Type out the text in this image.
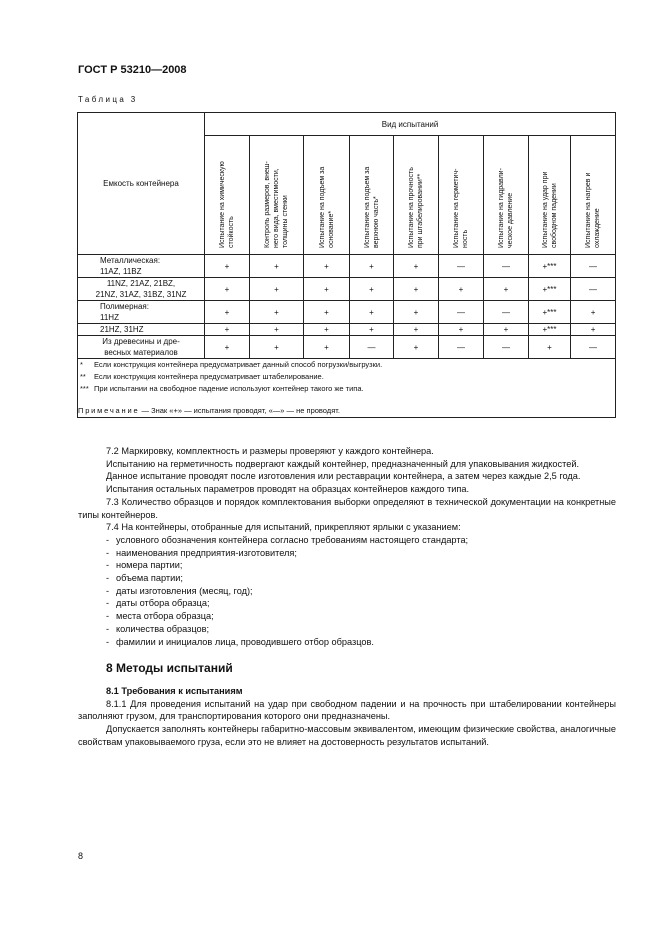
ГОСТ Р 53210—2008
Таблица 3
Емкость контейнера	Вид испытаний								

	Испытание на химическую стойкость	Контроль размеров, внеш-
него вида, вместимости,
толщины стенки	Испытание на подъем за
основание*	Испытание на подъем за
верхнюю часть*	Испытание на прочность
при штабелировании**	Испытание на герметич-
ность	Испытание на гидравли-
ческое давление	Испытание на удар при
свободном падении	Испытание на нагрев и
охлаждение

Металлическая:
11AZ, 11BZ	+	+	+	+	+	—	—	+***	—
11NZ, 21AZ, 21BZ,
21NZ, 31AZ, 31BZ, 31NZ	+	+	+	+	+	+	+	+***	—
Полимерная:
11HZ	+	+	+	+	+	—	—	+***	+
21HZ, 31HZ	+	+	+	+	+	+	+	+***	+
Из древесины и дре-
весных материалов	+	+	+	—	+	—	—	+	—

* Если конструкция контейнера предусматривает данный способ погрузки/выгрузки.
** Если конструкция контейнера предусматривает штабелирование.
*** При испытании на свободное падение используют контейнер такого же типа.
Примечание — Знак «+» — испытания проводят, «—» — не проводят.									

7.2 Маркировку, комплектность и размеры проверяют у каждого контейнера.

Испытанию на герметичность подвергают каждый контейнер, предназначенный для упаковывания жидкостей.

Данное испытание проводят после изготовления или реставрации контейнера, а затем через каждые 2,5 года.

Испытания остальных параметров проводят на образцах контейнеров каждого типа.

7.3 Количество образцов и порядок комплектования выборки определяют в технической документации на конкретные типы контейнеров.

7.4 На контейнеры, отобранные для испытаний, прикрепляют ярлыки с указанием:

- условного обозначения контейнера согласно требованиям настоящего стандарта;
- наименования предприятия-изготовителя;
- номера партии;
- объема партии;
- даты изготовления (месяц, год);
- даты отбора образца;
- места отбора образца;
- количества образцов;
- фамилии и инициалов лица, проводившего отбор образцов.

8 Методы испытаний

8.1 Требования к испытаниям

8.1.1 Для проведения испытаний на удар при свободном падении и на прочность при штабелировании контейнеры заполняют грузом, для транспортирования которого они предназначены.

Допускается заполнять контейнеры габаритно-массовым эквивалентом, имеющим физические свойства, аналогичные свойствам упаковываемого груза, если это не влияет на достоверность результатов испытаний.

8
